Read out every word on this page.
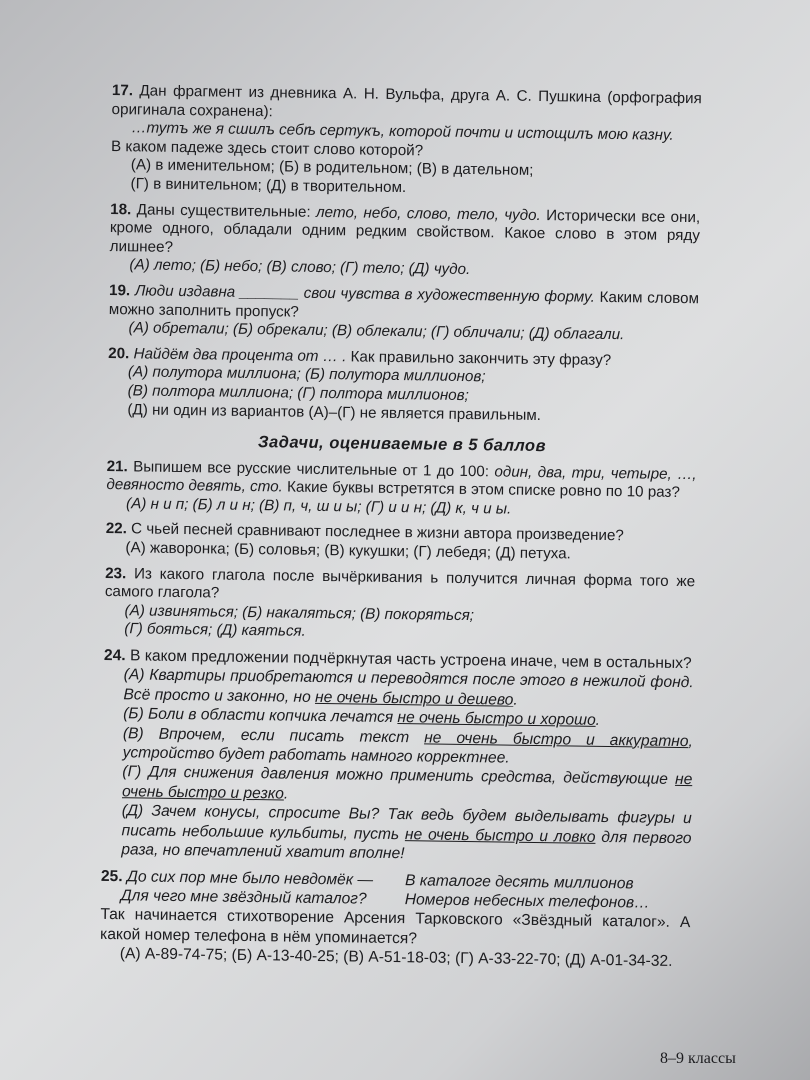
17. Дан фрагмент из дневника А. Н. Вульфа, друга А. С. Пушкина (орфография оригинала сохранена):
…тутъ же я сшилъ себѣ сертукъ, которой почти и истощилъ мою казну.
В каком падеже здесь стоит слово которой?
(А) в именительном; (Б) в родительном; (В) в дательном;
(Г) в винительном; (Д) в творительном.
18. Даны существительные: лето, небо, слово, тело, чудо. Исторически все они, кроме одного, обладали одним редким свойством. Какое слово в этом ряду лишнее?
(А) лето; (Б) небо; (В) слово; (Г) тело; (Д) чудо.
19. Люди издавна _______ свои чувства в художественную форму. Каким словом можно заполнить пропуск?
(А) обретали; (Б) обрекали; (В) облекали; (Г) обличали; (Д) облагали.
20. Найдём два процента от … . Как правильно закончить эту фразу?
(А) полутора миллиона; (Б) полутора миллионов;
(В) полтора миллиона; (Г) полтора миллионов;
(Д) ни один из вариантов (А)–(Г) не является правильным.
Задачи, оцениваемые в 5 баллов
21. Выпишем все русские числительные от 1 до 100: один, два, три, четыре, …, девяносто девять, сто. Какие буквы встретятся в этом списке ровно по 10 раз?
(А) н и п; (Б) л и н; (В) п, ч, ш и ы; (Г) и и н; (Д) к, ч и ы.
22. С чьей песней сравнивают последнее в жизни автора произведение?
(А) жаворонка; (Б) соловья; (В) кукушки; (Г) лебедя; (Д) петуха.
23. Из какого глагола после вычёркивания ь получится личная форма того же самого глагола?
(А) извиняться; (Б) накаляться; (В) покоряться;
(Г) бояться; (Д) каяться.
24. В каком предложении подчёркнутая часть устроена иначе, чем в остальных?
(А) Квартиры приобретаются и переводятся после этого в нежилой фонд. Всё просто и законно, но не очень быстро и дешево.
(Б) Боли в области копчика лечатся не очень быстро и хорошо.
(В) Впрочем, если писать текст не очень быстро и аккуратно, устройство будет работать намного корректнее.
(Г) Для снижения давления можно применить средства, действующие не очень быстро и резко.
(Д) Зачем конусы, спросите Вы? Так ведь будем выделывать фигуры и писать небольшие кульбиты, пусть не очень быстро и ловко для первого раза, но впечатлений хватит вполне!
25. До сих пор мне было невдомёк —
Для чего мне звёздный каталог?
В каталоге десять миллионов
Номеров небесных телефонов…
Так начинается стихотворение Арсения Тарковского «Звёздный каталог». А какой номер телефона в нём упоминается?
(А) А-89-74-75; (Б) А-13-40-25; (В) А-51-18-03; (Г) А-33-22-70; (Д) А-01-34-32.
8–9 классы
